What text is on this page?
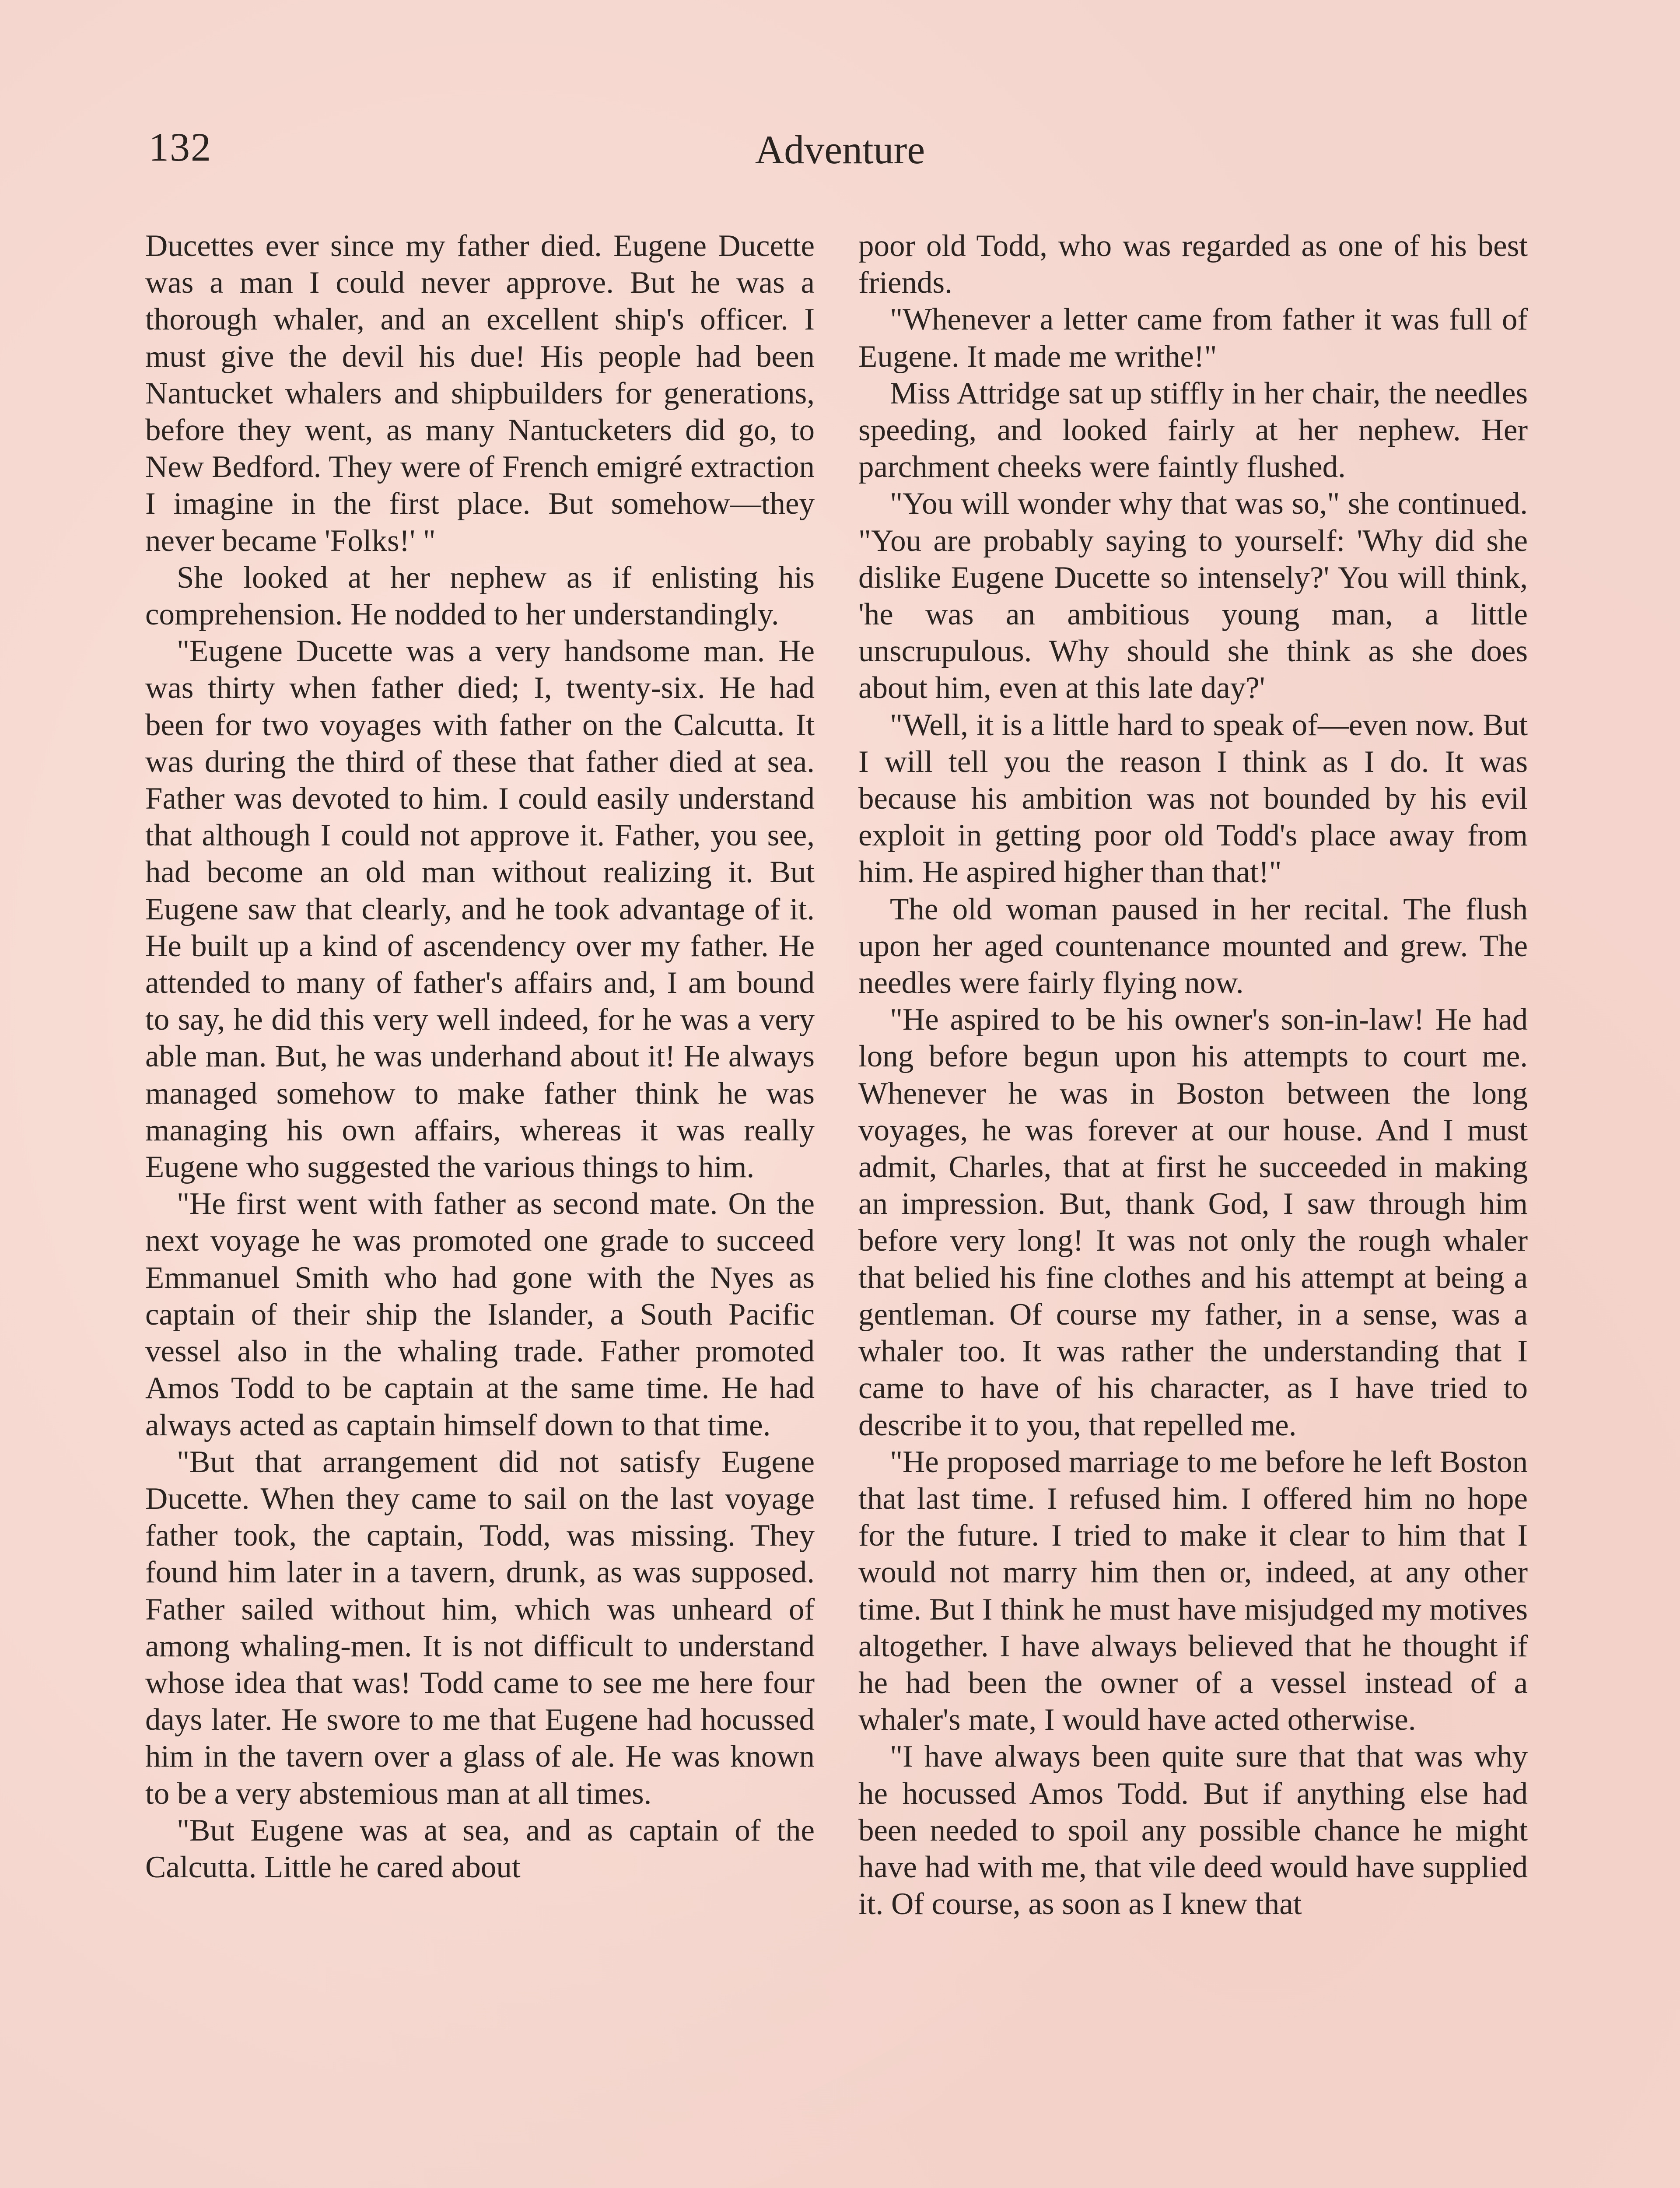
132	Adventure

Ducettes ever since my father died. Eugene Ducette was a man I could never approve. But he was a thorough whaler, and an excellent ship's officer. I must give the devil his due! His people had been Nantucket whalers and shipbuilders for generations, before they went, as many Nantucketers did go, to New Bedford. They were of French emigré extraction I imagine in the first place. But somehow—they never became 'Folks!' "

She looked at her nephew as if enlisting his comprehension. He nodded to her understandingly.

"Eugene Ducette was a very handsome man. He was thirty when father died; I, twenty-six. He had been for two voyages with father on the Calcutta. It was during the third of these that father died at sea. Father was devoted to him. I could easily understand that although I could not approve it. Father, you see, had become an old man without realizing it. But Eugene saw that clearly, and he took advantage of it. He built up a kind of ascendency over my father. He attended to many of father's affairs and, I am bound to say, he did this very well indeed, for he was a very able man. But, he was underhand about it! He always managed somehow to make father think he was managing his own affairs, whereas it was really Eugene who suggested the various things to him.

"He first went with father as second mate. On the next voyage he was promoted one grade to succeed Emmanuel Smith who had gone with the Nyes as captain of their ship the Islander, a South Pacific vessel also in the whaling trade. Father promoted Amos Todd to be captain at the same time. He had always acted as captain himself down to that time.

"But that arrangement did not satisfy Eugene Ducette. When they came to sail on the last voyage father took, the captain, Todd, was missing. They found him later in a tavern, drunk, as was supposed. Father sailed without him, which was unheard of among whaling-men. It is not difficult to understand whose idea that was! Todd came to see me here four days later. He swore to me that Eugene had hocussed him in the tavern over a glass of ale. He was known to be a very abstemious man at all times.

"But Eugene was at sea, and as captain of the Calcutta. Little he cared about

poor old Todd, who was regarded as one of his best friends.

"Whenever a letter came from father it was full of Eugene. It made me writhe!"

Miss Attridge sat up stiffly in her chair, the needles speeding, and looked fairly at her nephew. Her parchment cheeks were faintly flushed.

"You will wonder why that was so," she continued. "You are probably saying to yourself: 'Why did she dislike Eugene Ducette so intensely?' You will think, 'he was an ambitious young man, a little unscrupulous. Why should she think as she does about him, even at this late day?'

"Well, it is a little hard to speak of—even now. But I will tell you the reason I think as I do. It was because his ambition was not bounded by his evil exploit in getting poor old Todd's place away from him. He aspired higher than that!"

The old woman paused in her recital. The flush upon her aged countenance mounted and grew. The needles were fairly flying now.

"He aspired to be his owner's son-in-law! He had long before begun upon his attempts to court me. Whenever he was in Boston between the long voyages, he was forever at our house. And I must admit, Charles, that at first he succeeded in making an impression. But, thank God, I saw through him before very long! It was not only the rough whaler that belied his fine clothes and his attempt at being a gentleman. Of course my father, in a sense, was a whaler too. It was rather the understanding that I came to have of his character, as I have tried to describe it to you, that repelled me.

"He proposed marriage to me before he left Boston that last time. I refused him. I offered him no hope for the future. I tried to make it clear to him that I would not marry him then or, indeed, at any other time. But I think he must have misjudged my motives altogether. I have always believed that he thought if he had been the owner of a vessel instead of a whaler's mate, I would have acted otherwise.

"I have always been quite sure that that was why he hocussed Amos Todd. But if anything else had been needed to spoil any possible chance he might have had with me, that vile deed would have supplied it. Of course, as soon as I knew that
